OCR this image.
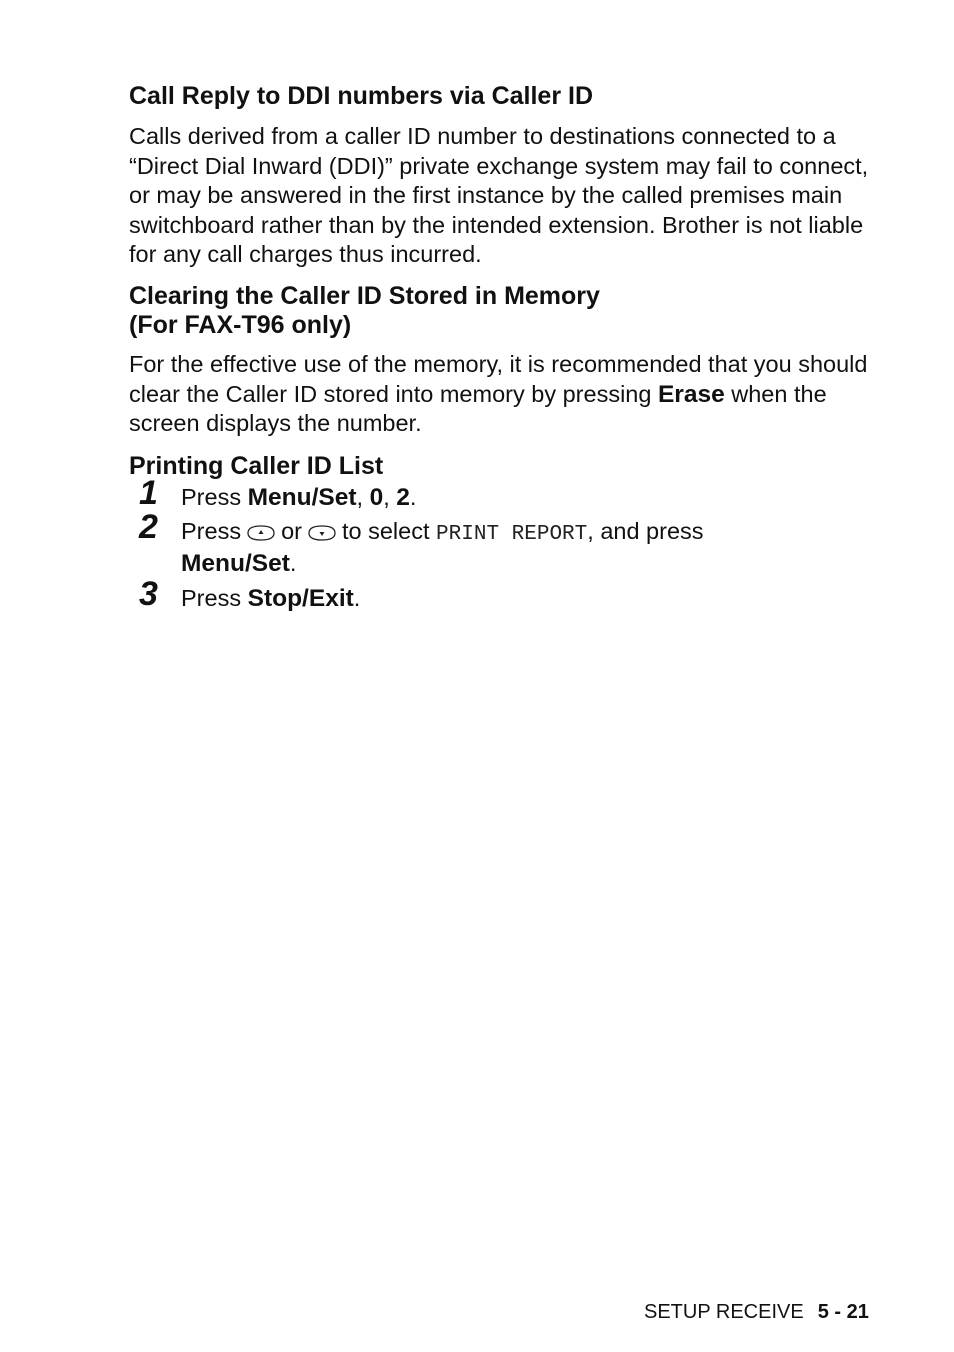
Call Reply to DDI numbers via Caller ID

Calls derived from a caller ID number to destinations connected to a “Direct Dial Inward (DDI)” private exchange system may fail to connect, or may be answered in the first instance by the called premises main switchboard rather than by the intended extension. Brother is not liable for any call charges thus incurred.

Clearing the Caller ID Stored in Memory
(For FAX-T96 only)

For the effective use of the memory, it is recommended that you should clear the Caller ID stored into memory by pressing Erase when the screen displays the number.

Printing Caller ID List
1 Press Menu/Set, 0, 2.
2 Press or to select PRINT REPORT, and press
Menu/Set.
3 Press Stop/Exit.
SETUP RECEIVE 5 - 21
